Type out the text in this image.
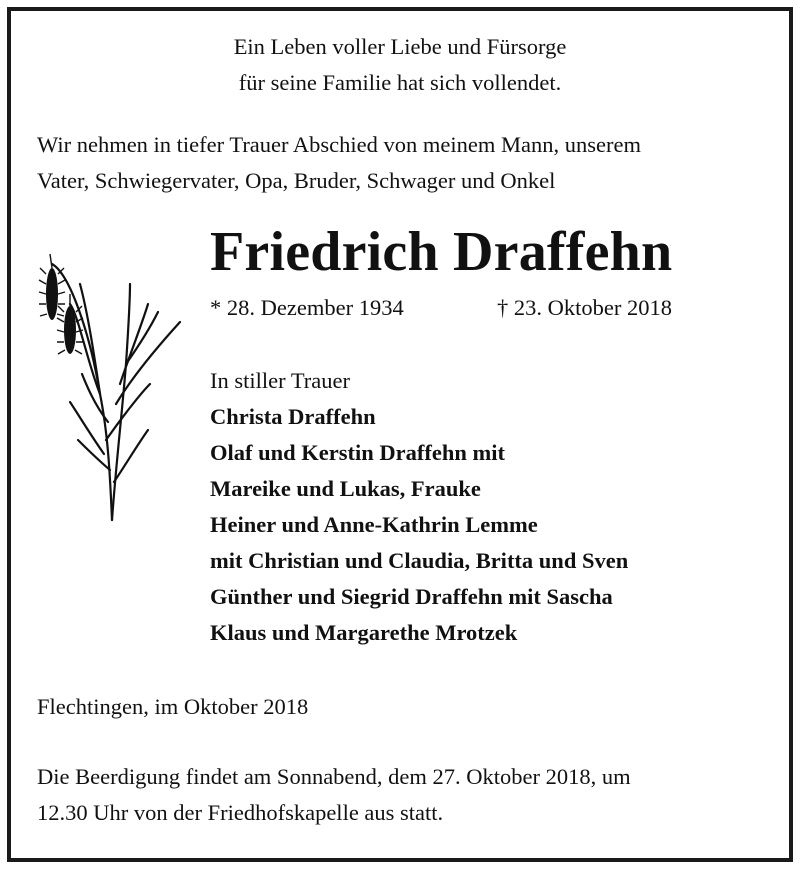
Ein Leben voller Liebe und Fürsorge

für seine Familie hat sich vollendet.

Wir nehmen in tiefer Trauer Abschied von meinem Mann, unserem

Vater, Schwiegervater, Opa, Bruder, Schwager und Onkel

Friedrich Draffehn

* 28. Dezember 1934	† 23. Oktober 2018

In stiller Trauer

Christa Draffehn

Olaf und Kerstin Draffehn mit

Mareike und Lukas, Frauke

Heiner und Anne-Kathrin Lemme

mit Christian und Claudia, Britta und Sven

Günther und Siegrid Draffehn mit Sascha

Klaus und Margarethe Mrotzek

Flechtingen, im Oktober 2018

Die Beerdigung findet am Sonnabend, dem 27. Oktober 2018, um

12.30 Uhr von der Friedhofskapelle aus statt.
